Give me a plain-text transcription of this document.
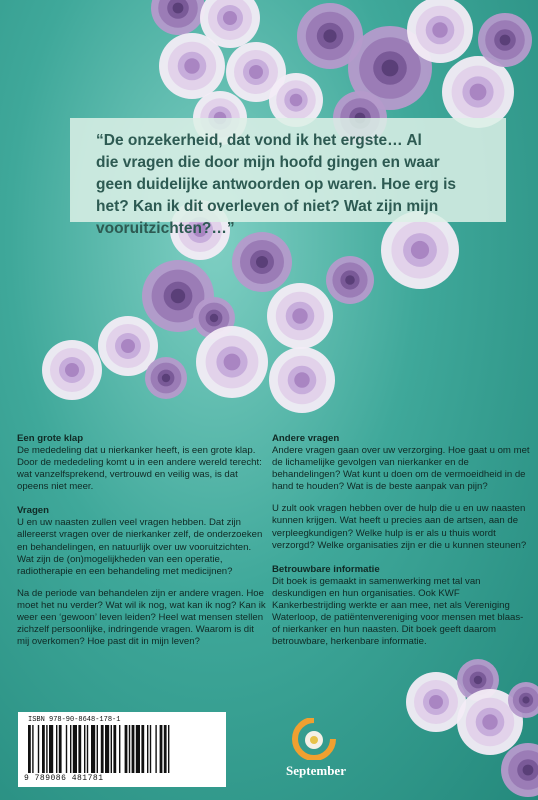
“De onzekerheid, dat vond ik het ergste… Al
die vragen die door mijn hoofd gingen en waar
geen duidelijke antwoorden op waren. Hoe erg is
het? Kan ik dit overleven of niet? Wat zijn mijn
vooruitzichten?…”

Een grote klap

De mededeling dat u nierkanker heeft, is een grote klap. Door de mededeling komt u in een andere wereld terecht: wat vanzelfsprekend, vertrouwd en veilig was, is dat opeens niet meer.

Vragen

U en uw naasten zullen veel vragen hebben. Dat zijn allereerst vragen over de nierkanker zelf, de onderzoeken en behandelingen, en natuurlijk over uw vooruitzichten. Wat zijn de (on)mogelijkheden van een operatie, radiotherapie en een behandeling met medicijnen?

Na de periode van behandelen zijn er andere vragen. Hoe moet het nu verder? Wat wil ik nog, wat kan ik nog? Kan ik weer een ‘gewoon’ leven leiden? Heel wat mensen stellen zichzelf persoonlijke, indringende vragen. Waarom is dit mij overkomen? Hoe past dit in mijn leven?

Andere vragen

Andere vragen gaan over uw verzorging. Hoe gaat u om met de lichamelijke gevolgen van nierkanker en de behandelingen? Wat kunt u doen om de vermoeidheid in de hand te houden? Wat is de beste aanpak van pijn?

U zult ook vragen hebben over de hulp die u en uw naasten kunnen krijgen. Wat heeft u precies aan de artsen, aan de verpleegkundigen? Welke hulp is er als u thuis wordt verzorgd? Welke organisaties zijn er die u kunnen steunen?

Betrouwbare informatie

Dit boek is gemaakt in samenwerking met tal van deskundigen en hun organisaties. Ook KWF Kankerbestrijding werkte er aan mee, net als Vereniging Waterloop, de patiëntenvereniging voor mensen met blaas- of nierkanker en hun naasten. Dit boek geeft daarom betrouwbare, herkenbare informatie.

ISBN 978-90-8648-178-1
9 789086 481781
September
